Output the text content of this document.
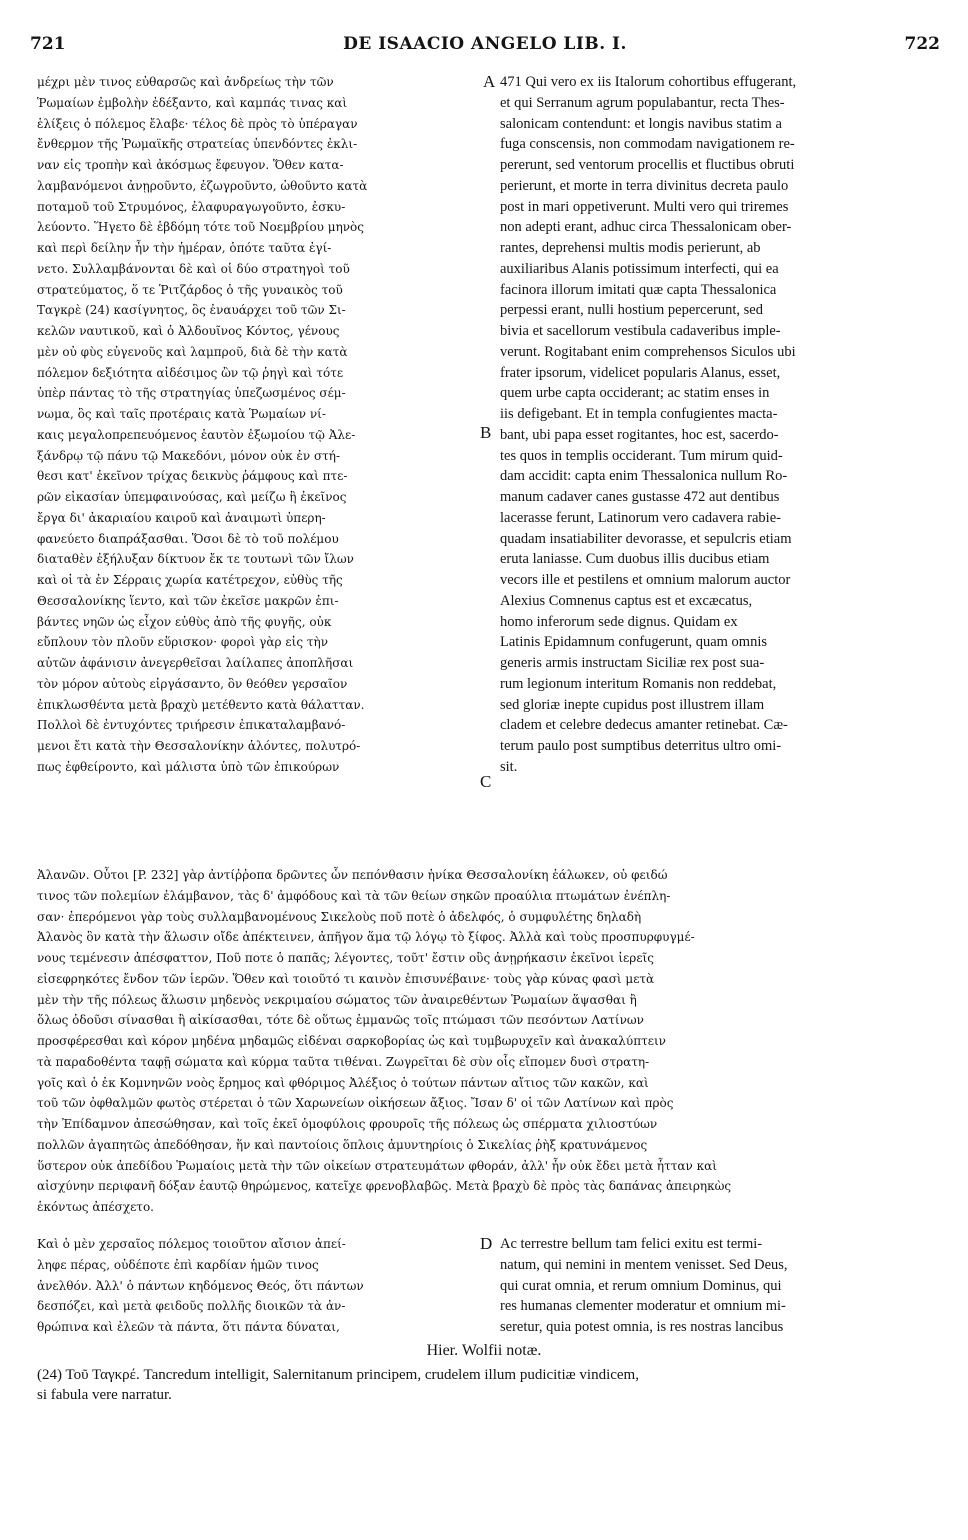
721	DE ISAACIO ANGELO LIB. I.	722
μέχρι μὲν τινος εὐθαρσῶς καὶ ἀνδρείως τὴν τῶν
Ῥωμαίων ἐμβολὴν ἐδέξαντο, καὶ καμπάς τινας καὶ
ἑλίξεις ὁ πόλεμος ἔλαβε· τέλος δὲ πρὸς τὸ ὑπέραγαν
ἔνθερμον τῆς Ῥωμαϊκῆς στρατείας ὑπενδόντες ἐκλι-
ναν εἰς τροπὴν καὶ ἀκόσμως ἔφευγον. Ὅθεν κατα-
λαμβανόμενοι ἀνῃροῦντο, ἐζωγροῦντο, ὠθοῦντο κατὰ
ποταμοῦ τοῦ Στρυμόνος, ἐλαφυραγωγοῦντο, ἐσκυ-
λεύοντο. Ἥγετο δὲ ἑβδόμη τότε τοῦ Νοεμβρίου μηνὸς
καὶ περὶ δείλην ἦν τὴν ἡμέραν, ὁπότε ταῦτα ἐγί-
νετο. Συλλαμβάνονται δὲ καὶ οἱ δύο στρατηγοὶ τοῦ
στρατεύματος, ὅ τε Ῥιτζάρδος ὁ τῆς γυναικὸς τοῦ
Ταγκρὲ (24) κασίγνητος, ὃς ἐναυάρχει τοῦ τῶν Σι-
κελῶν ναυτικοῦ, καὶ ὁ Ἀλδουῖνος Κόντος, γένους
μὲν οὐ φὺς εὐγενοῦς καὶ λαμπροῦ, διὰ δὲ τὴν κατὰ
πόλεμον δεξιότητα αἰδέσιμος ὢν τῷ ῥηγὶ καὶ τότε
ὑπὲρ πάντας τὸ τῆς στρατηγίας ὑπεζωσμένος σέμ-
νωμα, ὃς καὶ ταῖς προτέραις κατὰ Ῥωμαίων νί-
καις μεγαλοπρεπευόμενος ἑαυτὸν ἐξωμοίου τῷ Ἀλε-
ξάνδρῳ τῷ πάνυ τῷ Μακεδόνι, μόνον οὐκ ἐν στή-
θεσι κατ' ἐκεῖνον τρίχας δεικνὺς ῥάμφους καὶ πτε-
ρῶν εἰκασίαν ὑπεμφαινούσας, καὶ μείζω ἢ ἐκεῖνος
ἔργα δι' ἀκαριαίου καιροῦ καὶ ἀναιμωτὶ ὑπερη-
φανεύετο διαπράξασθαι. Ὅσοι δὲ τὸ τοῦ πολέμου
διαταθὲν ἐξήλυξαν δίκτυον ἔκ τε τουτωνὶ τῶν ἴλων
καὶ οἱ τὰ ἐν Σέρραις χωρία κατέτρεχον, εὐθὺς τῆς
Θεσσαλονίκης ἵεντο, καὶ τῶν ἐκεῖσε μακρῶν ἐπι-
βάντες νηῶν ὡς εἶχον εὐθὺς ἀπὸ τῆς φυγῆς, οὐκ
εὔπλουν τὸν πλοῦν εὕρισκον· φοροὶ γὰρ εἰς τὴν
αὐτῶν ἀφάνισιν ἀνεγερθεῖσαι λαίλαπες ἀποπλῆσαι
τὸν μόρον αὐτοὺς εἰργάσαντο, ὃν θεόθεν γερσαῖον
ἐπικλωσθέντα μετὰ βραχὺ μετέθεντο κατὰ θάλατταν.
Πολλοὶ δὲ ἐντυχόντες τριήρεσιν ἐπικαταλαμβανό-
μενοι ἔτι κατὰ τὴν Θεσσαλονίκην ἁλόντες, πολυτρό-
πως ἐφθείροντο, καὶ μάλιστα ὑπὸ τῶν ἐπικούρων
471 Qui vero ex iis Italorum cohortibus effugerant,
et qui Serranum agrum populabantur, recta Thes-
salonicam contendunt: et longis navibus statim a
fuga conscensis, non commodam navigationem re-
pererunt, sed ventorum procellis et fluctibus obruti
perierunt, et morte in terra divinitus decreta paulo
post in mari oppetiverunt. Multi vero qui triremes
non adepti erant, adhuc circa Thessalonicam ober-
rantes, deprehensi multis modis perierunt, ab
auxiliaribus Alanis potissimum interfecti, qui ea
facinora illorum imitati quæ capta Thessalonica
perpessi erant, nulli hostium pepercerunt, sed
bivia et sacellorum vestibula cadaveribus imple-
verunt. Rogitabant enim comprehensos Siculos ubi
frater ipsorum, videlicet popularis Alanus, esset,
quem urbe capta occiderant; ac statim enses in
iis defigebant. Et in templa confugientes macta-
bant, ubi papa esset rogitantes, hoc est, sacerdo-
tes quos in templis occiderant. Tum mirum quid-
dam accidit: capta enim Thessalonica nullum Ro-
manum cadaver canes gustasse 472 aut dentibus
lacerasse ferunt, Latinorum vero cadavera rabie-
quadam insatiabiliter devorasse, et sepulcris etiam
eruta laniasse. Cum duobus illis ducibus etiam
vecors ille et pestilens et omnium malorum auctor
Alexius Comnenus captus est et excæcatus,
homo inferorum sede dignus. Quidam ex
Latinis Epidamnum confugerunt, quam omnis
generis armis instructam Siciliæ rex post sua-
rum legionum interitum Romanis non reddebat,
sed gloriæ inepte cupidus post illustrem illam
cladem et celebre dedecus amanter retinebat. Cæ-
terum paulo post sumptibus deterritus ultro omi-
sit.
A
B
C
Ἀλανῶν. Οὗτοι [P. 232] γὰρ ἀντίῤῥοπα δρῶντες ὧν πεπόνθασιν ἡνίκα Θεσσαλονίκη ἑάλωκεν, οὐ φειδώ
τινος τῶν πολεμίων ἐλάμβανον, τὰς δ' ἀμφόδους καὶ τὰ τῶν θείων σηκῶν προαύλια πτωμάτων ἐνέπλη-
σαν· ἐπερόμενοι γὰρ τοὺς συλλαμβανομένους Σικελοὺς ποῦ ποτὲ ὁ ἀδελφός, ὁ συμφυλέτης δηλαδὴ
Ἀλανὸς ὃν κατὰ τὴν ἅλωσιν οἴδε ἀπέκτεινεν, ἀπῆγον ἅμα τῷ λόγῳ τὸ ξίφος. Ἀλλὰ καὶ τοὺς προσπυρφυγμέ-
νους τεμένεσιν ἀπέσφαττον, Ποῦ ποτε ὁ παπᾶς; λέγοντες, τοῦτ' ἔστιν οὓς ἀνῃρήκασιν ἐκεῖνοι ἱερεῖς
εἰσεφρηκότες ἔνδον τῶν ἱερῶν. Ὅθεν καὶ τοιοῦτό τι καινὸν ἐπισυνέβαινε· τοὺς γὰρ κύνας φασὶ μετὰ
μὲν τὴν τῆς πόλεως ἅλωσιν μηδενὸς νεκριμαίου σώματος τῶν ἀναιρεθέντων Ῥωμαίων ἅψασθαι ἢ
ὅλως ὀδοῦσι σίνασθαι ἢ αἰκίσασθαι, τότε δὲ οὕτως ἐμμανῶς τοῖς πτώμασι τῶν πεσόντων Λατίνων
προσφέρεσθαι καὶ κόρον μηδένα μηδαμῶς εἰδέναι σαρκοβορίας ὡς καὶ τυμβωρυχεῖν καὶ ἀνακαλύπτειν
τὰ παραδοθέντα ταφῇ σώματα καὶ κύρμα ταῦτα τιθέναι. Ζωγρεῖται δὲ σὺν οἷς εἴπομεν δυσὶ στρατη-
γοῖς καὶ ὁ ἐκ Κομνηνῶν νοὸς ἔρημος καὶ φθόριμος Ἀλέξιος ὁ τούτων πάντων αἴτιος τῶν κακῶν, καὶ
τοῦ τῶν ὀφθαλμῶν φωτὸς στέρεται ὁ τῶν Χαρωνείων οἰκήσεων ἄξιος. Ἴσαν δ' οἱ τῶν Λατίνων καὶ πρὸς
τὴν Ἐπίδαμνον ἀπεσώθησαν, καὶ τοῖς ἐκεῖ ὁμοφύλοις φρουροῖς τῆς πόλεως ὡς σπέρματα χιλιοστύων
πολλῶν ἀγαπητῶς ἀπεδόθησαν, ἥν καὶ παντοίοις ὅπλοις ἀμυντηρίοις ὁ Σικελίας ῥὴξ κρατυνάμενος
ὕστερον οὐκ ἀπεδίδου Ῥωμαίοις μετὰ τὴν τῶν οἰκείων στρατευμάτων φθοράν, ἀλλ' ἦν οὐκ ἔδει μετὰ ἧτταν καὶ
αἰσχύνην περιφανῆ δόξαν ἑαυτῷ θηρώμενος, κατεῖχε φρενοβλαβῶς. Μετὰ βραχὺ δὲ πρὸς τὰς δαπάνας ἀπειρηκὼς
ἑκόντως ἀπέσχετο.
Καὶ ὁ μὲν χερσαῖος πόλεμος τοιοῦτον αἴσιον ἀπεί-
ληφε πέρας, οὐδέποτε ἐπὶ καρδίαν ἡμῶν τινος
ἀνελθόν. Ἀλλ' ὁ πάντων κηδόμενος Θεός, ὅτι πάντων
δεσπόζει, καὶ μετὰ φειδοῦς πολλῆς διοικῶν τὰ ἀν-
θρώπινα καὶ ἐλεῶν τὰ πάντα, ὅτι πάντα δύναται,
D Ac terrestre bellum tam felici exitu est termi-
natum, qui nemini in mentem venisset. Sed Deus,
qui curat omnia, et rerum omnium Dominus, qui
res humanas clementer moderatur et omnium mi-
seretur, quia potest omnia, is res nostras lancibus
Hier. Wolfii notæ.
(24) Τοῦ Ταγκρέ. Tancredum intelligit, Salernitanum principem, crudelem illum pudicitiæ vindicem,
si fabula vere narratur.
